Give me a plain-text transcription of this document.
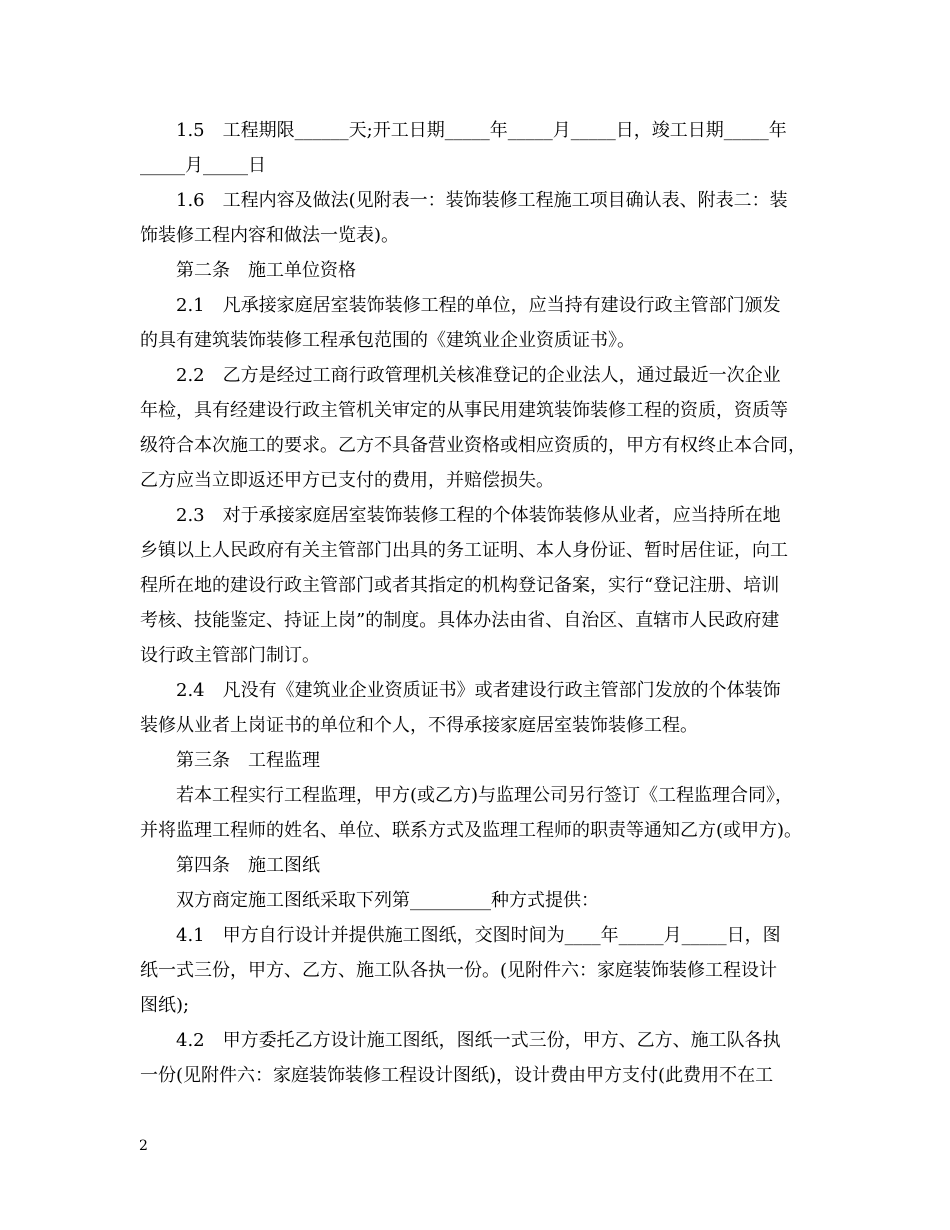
1.5　工程期限______天;开工日期_____年_____月_____日，竣工日期_____年
_____月_____日
1.6　工程内容及做法(见附表一：装饰装修工程施工项目确认表、附表二：装
饰装修工程内容和做法一览表)。
第二条　施工单位资格
2.1　凡承接家庭居室装饰装修工程的单位，应当持有建设行政主管部门颁发
的具有建筑装饰装修工程承包范围的《建筑业企业资质证书》。
2.2　乙方是经过工商行政管理机关核准登记的企业法人，通过最近一次企业
年检，具有经建设行政主管机关审定的从事民用建筑装饰装修工程的资质，资质等
级符合本次施工的要求。乙方不具备营业资格或相应资质的，甲方有权终止本合同，
乙方应当立即返还甲方已支付的费用，并赔偿损失。
2.3　对于承接家庭居室装饰装修工程的个体装饰装修从业者，应当持所在地
乡镇以上人民政府有关主管部门出具的务工证明、本人身份证、暂时居住证，向工
程所在地的建设行政主管部门或者其指定的机构登记备案，实行“登记注册、培训
考核、技能鉴定、持证上岗”的制度。具体办法由省、自治区、直辖市人民政府建
设行政主管部门制订。
2.4　凡没有《建筑业企业资质证书》或者建设行政主管部门发放的个体装饰
装修从业者上岗证书的单位和个人，不得承接家庭居室装饰装修工程。
第三条　工程监理
若本工程实行工程监理，甲方(或乙方)与监理公司另行签订《工程监理合同》，
并将监理工程师的姓名、单位、联系方式及监理工程师的职责等通知乙方(或甲方)。
第四条　施工图纸
双方商定施工图纸采取下列第_________种方式提供：
4.1　甲方自行设计并提供施工图纸，交图时间为____年_____月_____日，图
纸一式三份，甲方、乙方、施工队各执一份。(见附件六：家庭装饰装修工程设计
图纸);
4.2　甲方委托乙方设计施工图纸，图纸一式三份，甲方、乙方、施工队各执
一份(见附件六：家庭装饰装修工程设计图纸)，设计费由甲方支付(此费用不在工
2
